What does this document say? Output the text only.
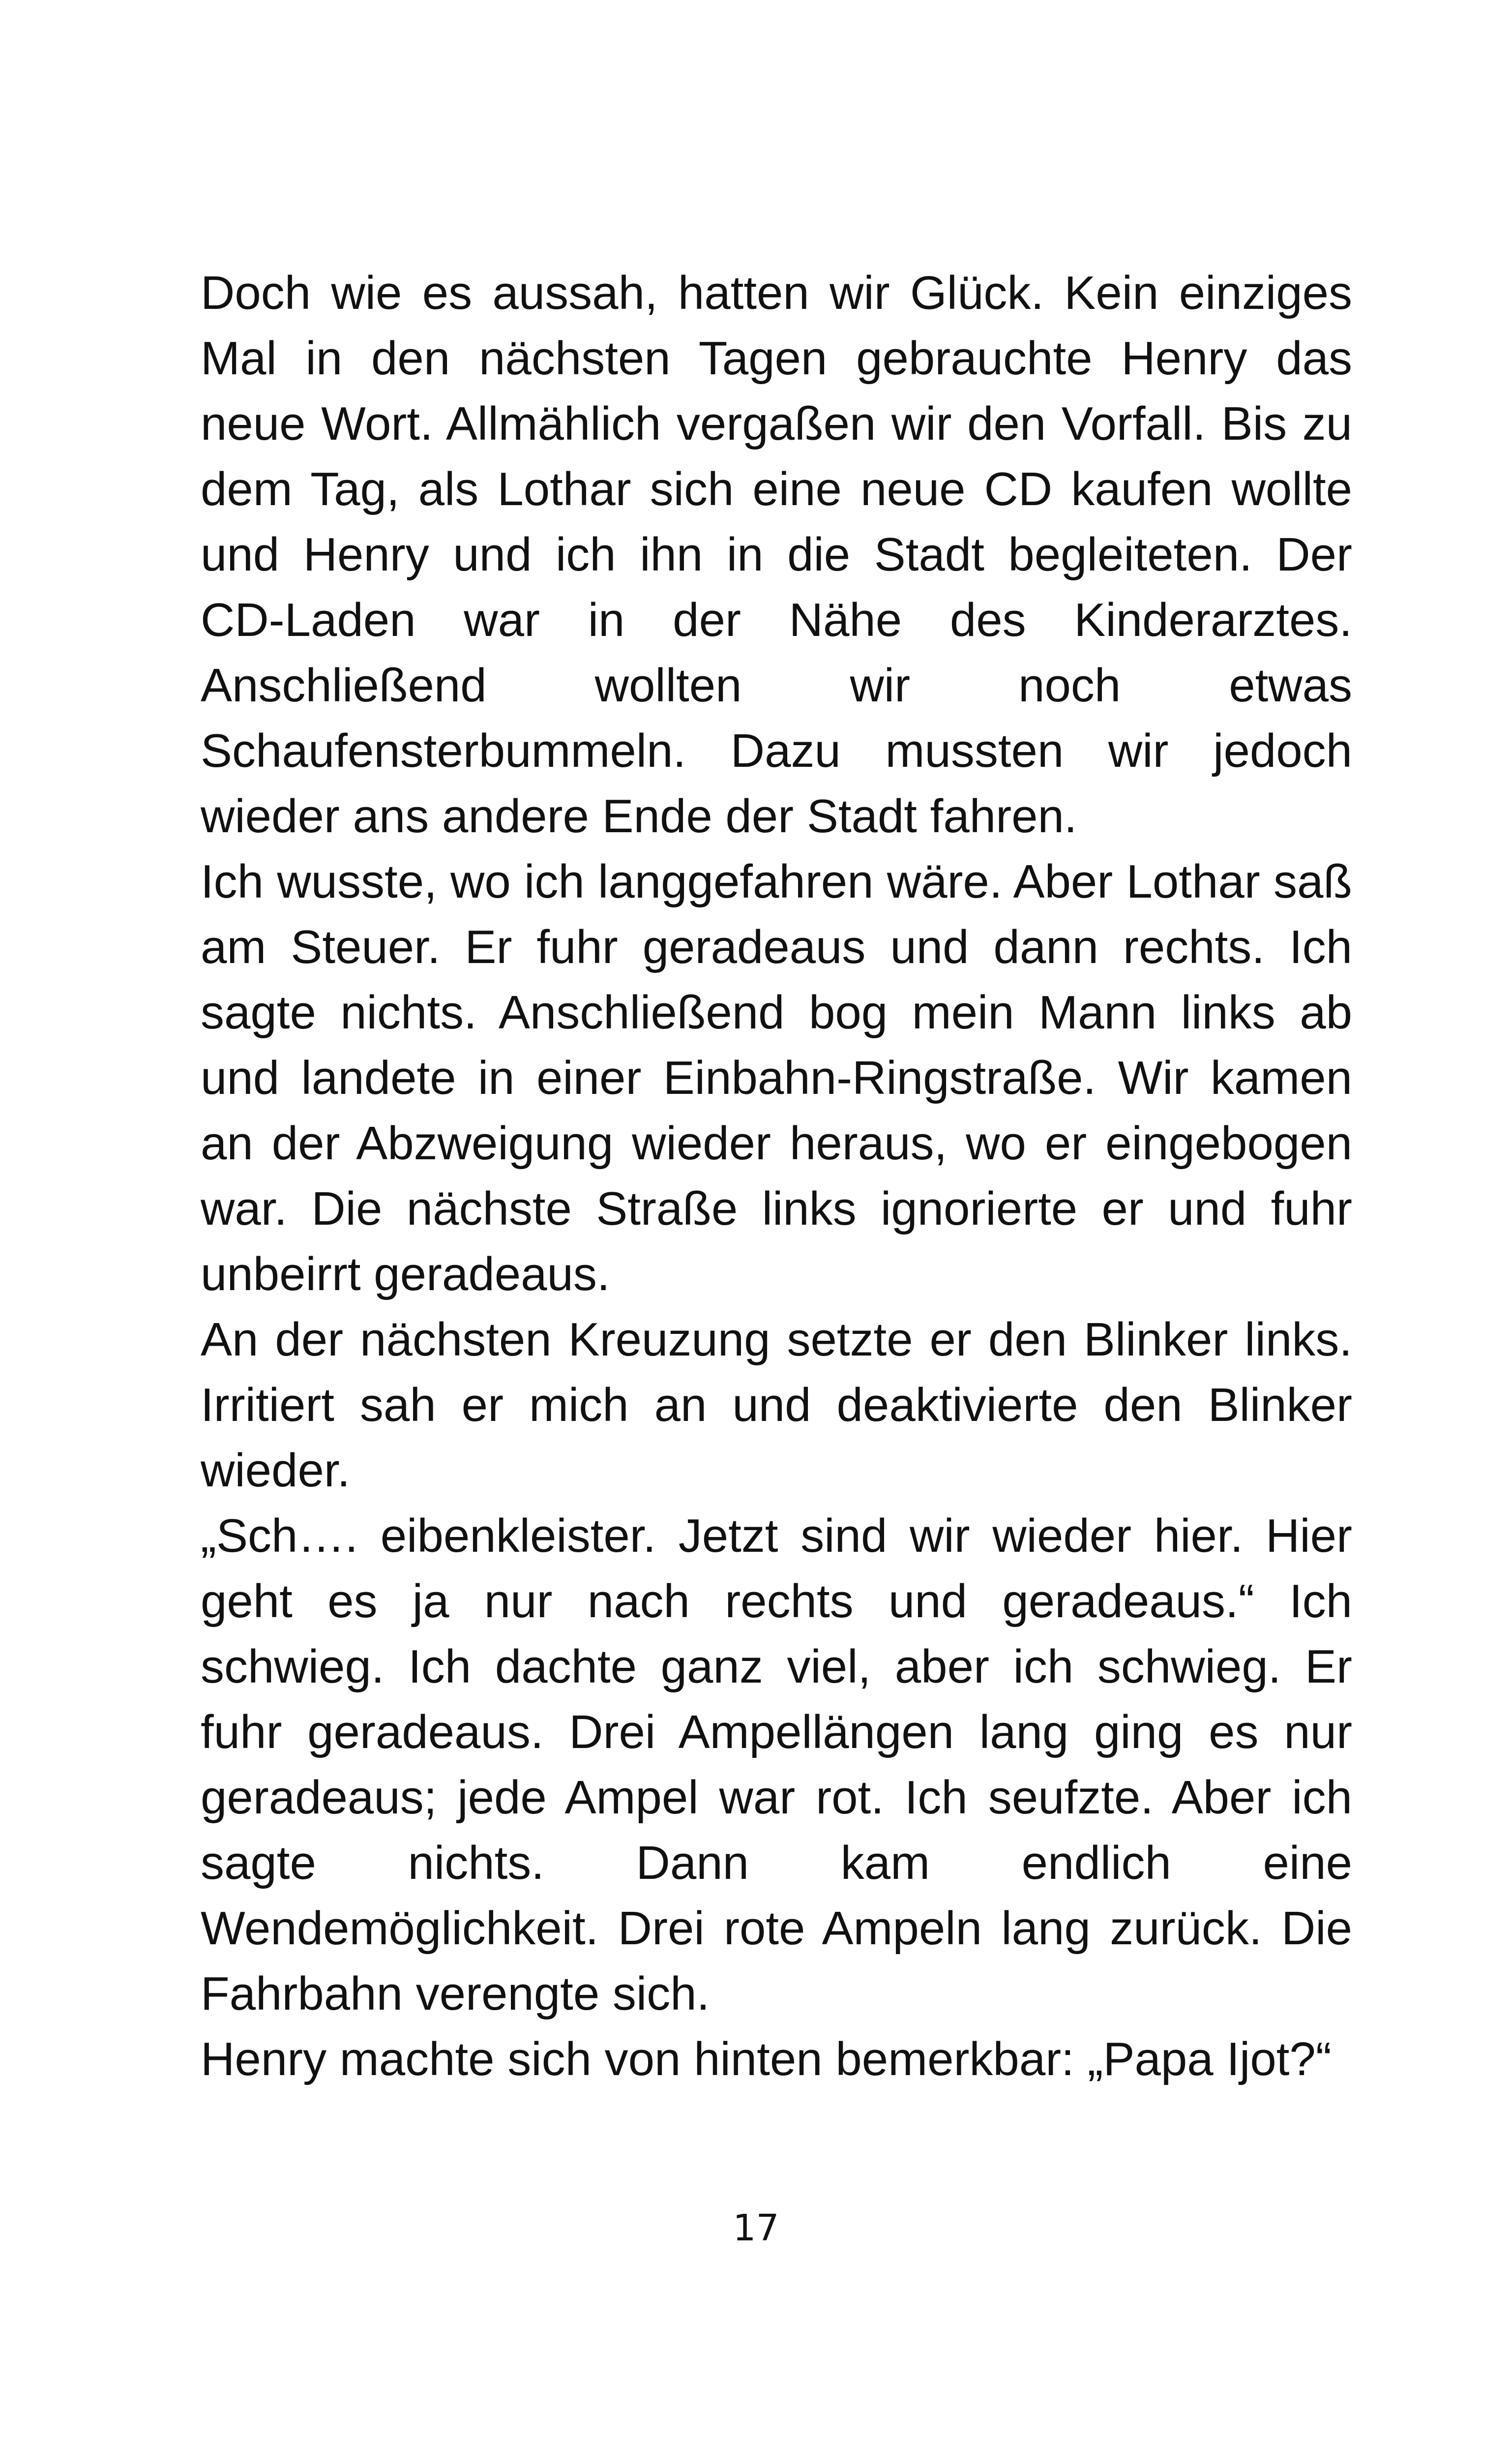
Doch wie es aussah, hatten wir Glück. Kein einziges Mal in den nächsten Tagen gebrauchte Henry das neue Wort. Allmählich vergaßen wir den Vorfall. Bis zu dem Tag, als Lothar sich eine neue CD kaufen wollte und Henry und ich ihn in die Stadt begleiteten. Der CD-Laden war in der Nähe des Kinderarztes. Anschließend wollten wir noch etwas Schaufensterbummeln. Dazu mussten wir jedoch wieder ans andere Ende der Stadt fahren.

Ich wusste, wo ich langgefahren wäre. Aber Lothar saß am Steuer. Er fuhr geradeaus und dann rechts. Ich sagte nichts. Anschließend bog mein Mann links ab und landete in einer Einbahn-Ringstraße. Wir kamen an der Abzweigung wieder heraus, wo er eingebogen war. Die nächste Straße links ignorierte er und fuhr unbeirrt geradeaus.

An der nächsten Kreuzung setzte er den Blinker links. Irritiert sah er mich an und deaktivierte den Blinker wieder.

„Sch…. eibenkleister. Jetzt sind wir wieder hier. Hier geht es ja nur nach rechts und geradeaus.“ Ich schwieg. Ich dachte ganz viel, aber ich schwieg. Er fuhr geradeaus. Drei Ampellängen lang ging es nur geradeaus; jede Ampel war rot. Ich seufzte. Aber ich sagte nichts. Dann kam endlich eine Wendemöglichkeit. Drei rote Ampeln lang zurück. Die Fahrbahn verengte sich.

Henry machte sich von hinten bemerkbar: „Papa Ijot?“

17
